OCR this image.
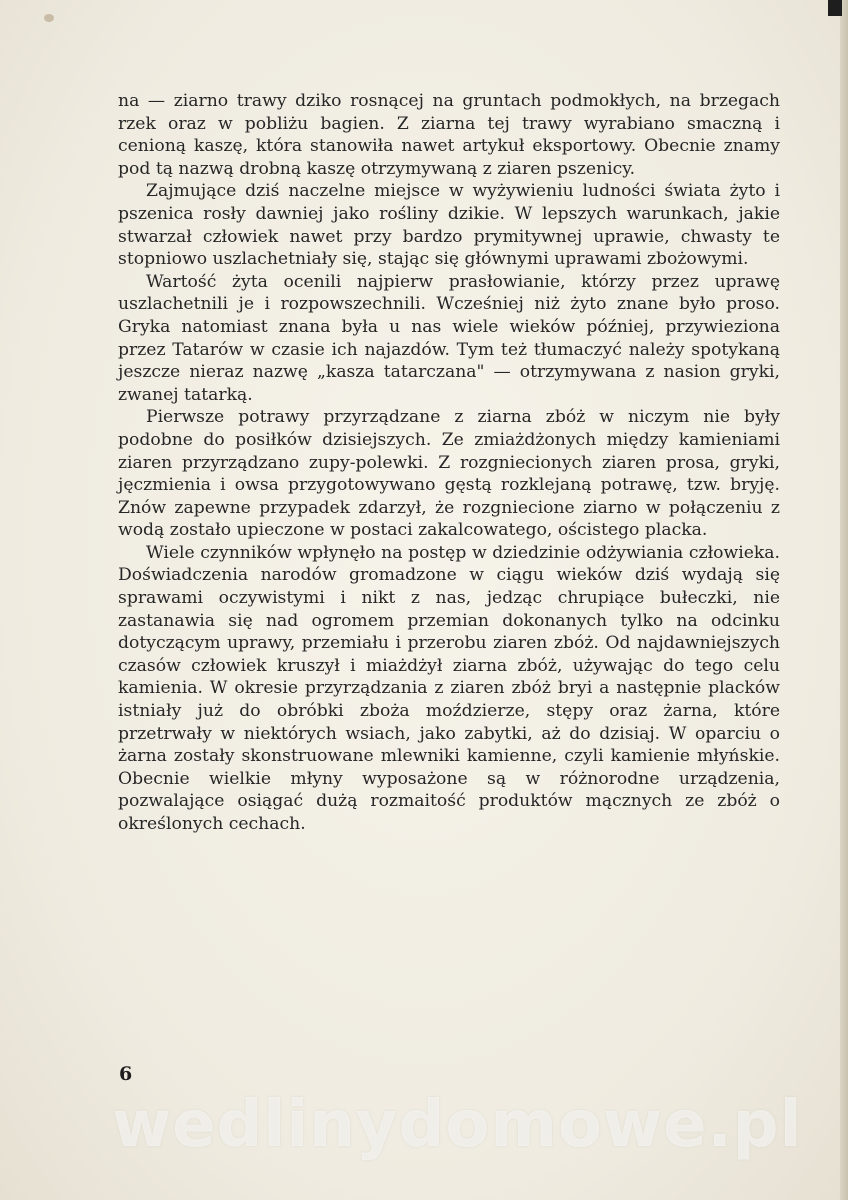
na — ziarno trawy dziko rosnącej na gruntach podmokłych, na brzegach rzek oraz w pobliżu bagien. Z ziarna tej trawy wyrabiano smaczną i cenioną kaszę, która stanowiła nawet artykuł eksportowy. Obecnie znamy pod tą nazwą drobną kaszę otrzymywaną z ziaren pszenicy.

Zajmujące dziś naczelne miejsce w wyżywieniu ludności świata żyto i pszenica rosły dawniej jako rośliny dzikie. W lepszych warunkach, jakie stwarzał człowiek nawet przy bardzo prymitywnej uprawie, chwasty te stopniowo uszlachetniały się, stając się głównymi uprawami zbożowymi.

Wartość żyta ocenili najpierw prasłowianie, którzy przez uprawę uszlachetnili je i rozpowszechnili. Wcześniej niż żyto znane było proso. Gryka natomiast znana była u nas wiele wieków później, przywieziona przez Tatarów w czasie ich najazdów. Tym też tłumaczyć należy spotykaną jeszcze nieraz nazwę „kasza tatarczana" — otrzymywana z nasion gryki, zwanej tatarką.

Pierwsze potrawy przyrządzane z ziarna zbóż w niczym nie były podobne do posiłków dzisiejszych. Ze zmiażdżonych między kamieniami ziaren przyrządzano zupy-polewki. Z rozgniecionych ziaren prosa, gryki, jęczmienia i owsa przygotowywano gęstą rozklejaną potrawę, tzw. bryję. Znów zapewne przypadek zdarzył, że rozgniecione ziarno w połączeniu z wodą zostało upieczone w postaci zakalcowatego, ościstego placka.

Wiele czynników wpłynęło na postęp w dziedzinie odżywiania człowieka. Doświadczenia narodów gromadzone w ciągu wieków dziś wydają się sprawami oczywistymi i nikt z nas, jedząc chrupiące bułeczki, nie zastanawia się nad ogromem przemian dokonanych tylko na odcinku dotyczącym uprawy, przemiału i przerobu ziaren zbóż. Od najdawniejszych czasów człowiek kruszył i miażdżył ziarna zbóż, używając do tego celu kamienia. W okresie przyrządzania z ziaren zbóż bryi a następnie placków istniały już do obróbki zboża moździerze, stępy oraz żarna, które przetrwały w niektórych wsiach, jako zabytki, aż do dzisiaj. W oparciu o żarna zostały skonstruowane mlewniki kamienne, czyli kamienie młyńskie. Obecnie wielkie młyny wyposażone są w różnorodne urządzenia, pozwalające osiągać dużą rozmaitość produktów mącznych ze zbóż o określonych cechach.

6
wedlinydomowe.pl
